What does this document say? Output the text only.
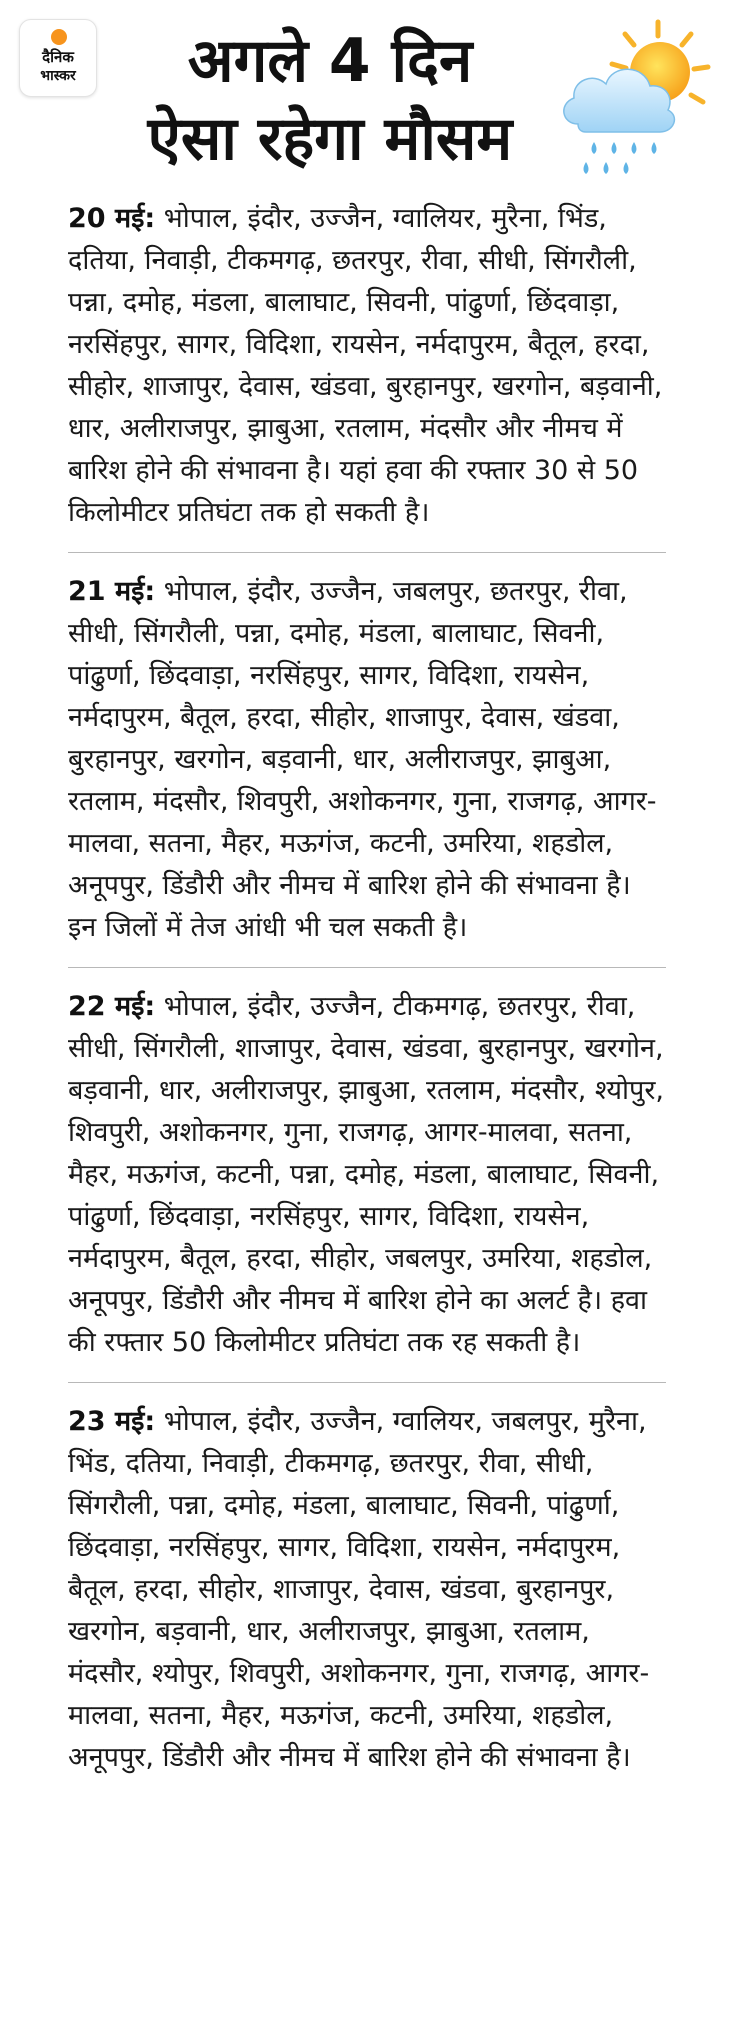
दैनिक
भास्कर	अगले 4 दिन
ऐसा रहेगा मौसम

20 मई: भोपाल, इंदौर, उज्जैन, ग्वालियर, मुरैना, भिंड, दतिया, निवाड़ी, टीकमगढ़, छतरपुर, रीवा, सीधी, सिंगरौली, पन्ना, दमोह, मंडला, बालाघाट, सिवनी, पांढुर्णा, छिंदवाड़ा, नरसिंहपुर, सागर, विदिशा, रायसेन, नर्मदापुरम, बैतूल, हरदा, सीहोर, शाजापुर, देवास, खंडवा, बुरहानपुर, खरगोन, बड़वानी, धार, अलीराजपुर, झाबुआ, रतलाम, मंदसौर और नीमच में बारिश होने की संभावना है। यहां हवा की रफ्तार 30 से 50 किलोमीटर प्रतिघंटा तक हो सकती है।

21 मई: भोपाल, इंदौर, उज्जैन, जबलपुर, छतरपुर, रीवा, सीधी, सिंगरौली, पन्ना, दमोह, मंडला, बालाघाट, सिवनी, पांढुर्णा, छिंदवाड़ा, नरसिंहपुर, सागर, विदिशा, रायसेन, नर्मदापुरम, बैतूल, हरदा, सीहोर, शाजापुर, देवास, खंडवा, बुरहानपुर, खरगोन, बड़वानी, धार, अलीराजपुर, झाबुआ, रतलाम, मंदसौर, शिवपुरी, अशोकनगर, गुना, राजगढ़, आगर-मालवा, सतना, मैहर, मऊगंज, कटनी, उमरिया, शहडोल, अनूपपुर, डिंडौरी और नीमच में बारिश होने की संभावना है। इन जिलों में तेज आंधी भी चल सकती है।

22 मई: भोपाल, इंदौर, उज्जैन, टीकमगढ़, छतरपुर, रीवा, सीधी, सिंगरौली, शाजापुर, देवास, खंडवा, बुरहानपुर, खरगोन, बड़वानी, धार, अलीराजपुर, झाबुआ, रतलाम, मंदसौर, श्योपुर, शिवपुरी, अशोकनगर, गुना, राजगढ़, आगर-मालवा, सतना, मैहर, मऊगंज, कटनी, पन्ना, दमोह, मंडला, बालाघाट, सिवनी, पांढुर्णा, छिंदवाड़ा, नरसिंहपुर, सागर, विदिशा, रायसेन, नर्मदापुरम, बैतूल, हरदा, सीहोर, जबलपुर, उमरिया, शहडोल, अनूपपुर, डिंडौरी और नीमच में बारिश होने का अलर्ट है। हवा की रफ्तार 50 किलोमीटर प्रतिघंटा तक रह सकती है।

23 मई: भोपाल, इंदौर, उज्जैन, ग्वालियर, जबलपुर, मुरैना, भिंड, दतिया, निवाड़ी, टीकमगढ़, छतरपुर, रीवा, सीधी, सिंगरौली, पन्ना, दमोह, मंडला, बालाघाट, सिवनी, पांढुर्णा, छिंदवाड़ा, नरसिंहपुर, सागर, विदिशा, रायसेन, नर्मदापुरम, बैतूल, हरदा, सीहोर, शाजापुर, देवास, खंडवा, बुरहानपुर, खरगोन, बड़वानी, धार, अलीराजपुर, झाबुआ, रतलाम, मंदसौर, श्योपुर, शिवपुरी, अशोकनगर, गुना, राजगढ़, आगर-मालवा, सतना, मैहर, मऊगंज, कटनी, उमरिया, शहडोल, अनूपपुर, डिंडौरी और नीमच में बारिश होने की संभावना है।
